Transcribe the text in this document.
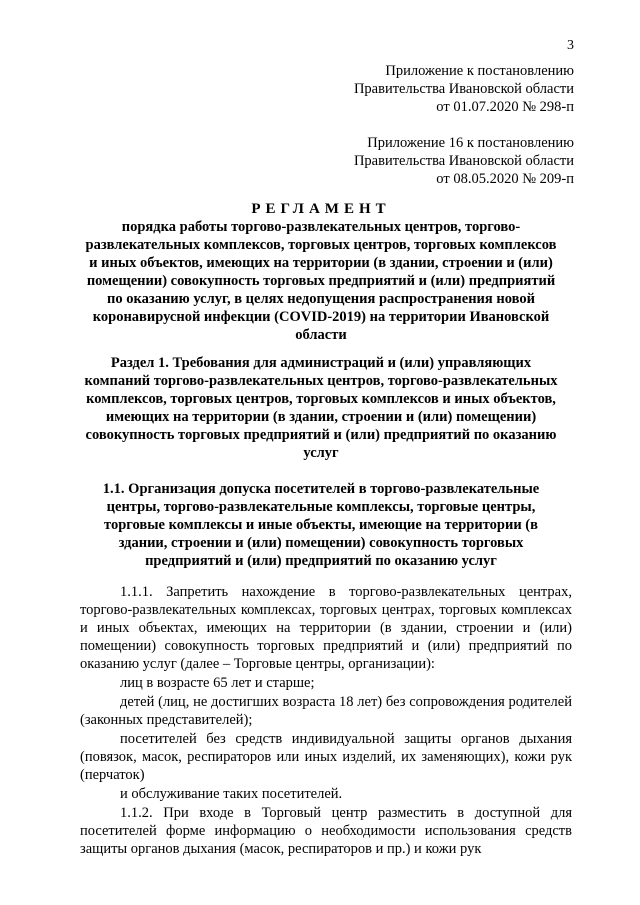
3
Приложение к постановлению
Правительства Ивановской области
от 01.07.2020 № 298-п
Приложение 16 к постановлению
Правительства Ивановской области
от 08.05.2020 № 209-п
РЕГЛАМЕНТ
порядка работы торгово-развлекательных центров, торгово-развлекательных комплексов, торговых центров, торговых комплексов и иных объектов, имеющих на территории (в здании, строении и (или) помещении) совокупность торговых предприятий и (или) предприятий по оказанию услуг, в целях недопущения распространения новой коронавирусной инфекции (COVID-2019) на территории Ивановской области
Раздел 1. Требования для администраций и (или) управляющих компаний торгово-развлекательных центров, торгово-развлекательных комплексов, торговых центров, торговых комплексов и иных объектов, имеющих на территории (в здании, строении и (или) помещении) совокупность торговых предприятий и (или) предприятий по оказанию услуг
1.1. Организация допуска посетителей в торгово-развлекательные центры, торгово-развлекательные комплексы, торговые центры, торговые комплексы и иные объекты, имеющие на территории (в здании, строении и (или) помещении) совокупность торговых предприятий и (или) предприятий по оказанию услуг

1.1.1. Запретить нахождение в торгово-развлекательных центрах, торгово-развлекательных комплексах, торговых центрах, торговых комплексах и иных объектах, имеющих на территории (в здании, строении и (или) помещении) совокупность торговых предприятий и (или) предприятий по оказанию услуг (далее – Торговые центры, организации):

лиц в возрасте 65 лет и старше;

детей (лиц, не достигших возраста 18 лет) без сопровождения родителей (законных представителей);

посетителей без средств индивидуальной защиты органов дыхания (повязок, масок, респираторов или иных изделий, их заменяющих), кожи рук (перчаток)

и обслуживание таких посетителей.

1.1.2. При входе в Торговый центр разместить в доступной для посетителей форме информацию о необходимости использования средств защиты органов дыхания (масок, респираторов и пр.) и кожи рук
